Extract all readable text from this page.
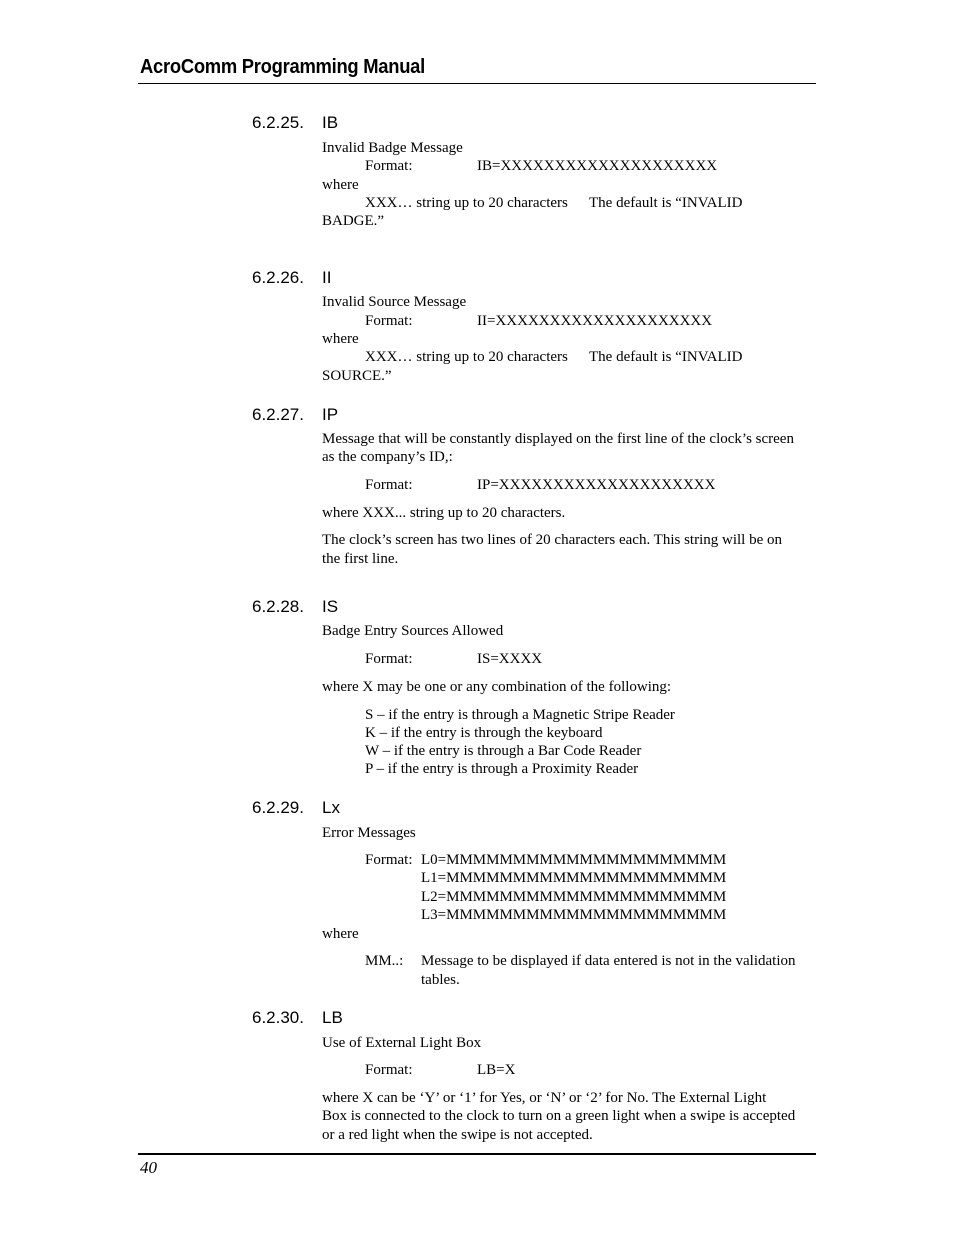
AcroComm Programming Manual
6.2.25. IB
Invalid Badge Message
Format:	IB=XXXXXXXXXXXXXXXXXXXX
where
XXX… string up to 20 characters The default is “INVALID
BADGE.”
6.2.26. II
Invalid Source Message
Format:	II=XXXXXXXXXXXXXXXXXXXX
where
XXX… string up to 20 characters The default is “INVALID
SOURCE.”
6.2.27. IP
Message that will be constantly displayed on the first line of the clock’s screen
as the company’s ID,:
Format:	IP=XXXXXXXXXXXXXXXXXXXX
where XXX... string up to 20 characters.
The clock’s screen has two lines of 20 characters each. This string will be on
the first line.
6.2.28. IS
Badge Entry Sources Allowed
Format:	IS=XXXX
where X may be one or any combination of the following:
S – if the entry is through a Magnetic Stripe Reader
K – if the entry is through the keyboard
W – if the entry is through a Bar Code Reader
P – if the entry is through a Proximity Reader
6.2.29. Lx
Error Messages
Format: L0=MMMMMMMMMMMMMMMMMMMMM
L1=MMMMMMMMMMMMMMMMMMMMM
L2=MMMMMMMMMMMMMMMMMMMMM
L3=MMMMMMMMMMMMMMMMMMMMM
where
MM..: Message to be displayed if data entered is not in the validation
tables.
6.2.30. LB
Use of External Light Box
Format:	LB=X
where X can be ‘Y’ or ‘1’ for Yes, or ‘N’ or ‘2’ for No. The External Light
Box is connected to the clock to turn on a green light when a swipe is accepted
or a red light when the swipe is not accepted.
40
